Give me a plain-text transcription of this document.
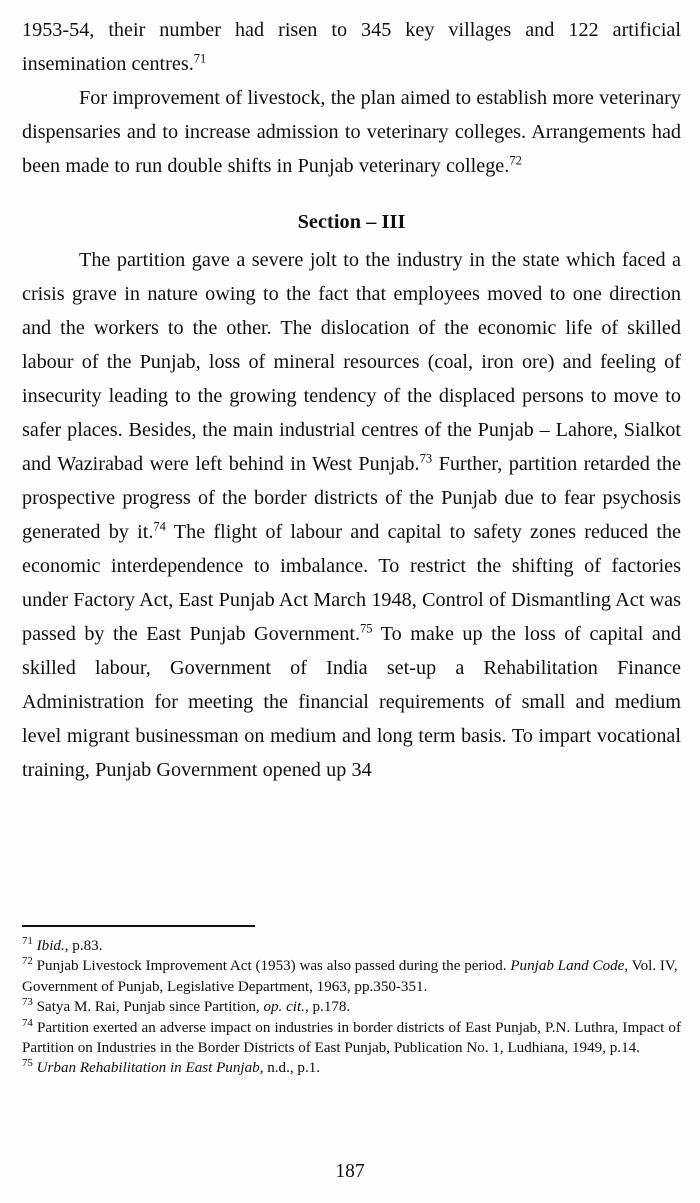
1953-54, their number had risen to 345 key villages and 122 artificial insemination centres.$^{71}$

For improvement of livestock, the plan aimed to establish more veterinary dispensaries and to increase admission to veterinary colleges. Arrangements had been made to run double shifts in Punjab veterinary college.$^{72}$

Section – III

The partition gave a severe jolt to the industry in the state which faced a crisis grave in nature owing to the fact that employees moved to one direction and the workers to the other. The dislocation of the economic life of skilled labour of the Punjab, loss of mineral resources (coal, iron ore) and feeling of insecurity leading to the growing tendency of the displaced persons to move to safer places. Besides, the main industrial centres of the Punjab – Lahore, Sialkot and Wazirabad were left behind in West Punjab.$^{73}$ Further, partition retarded the prospective progress of the border districts of the Punjab due to fear psychosis generated by it.$^{74}$ The flight of labour and capital to safety zones reduced the economic interdependence to imbalance. To restrict the shifting of factories under Factory Act, East Punjab Act March 1948, Control of Dismantling Act was passed by the East Punjab Government.$^{75}$ To make up the loss of capital and skilled labour, Government of India set-up a Rehabilitation Finance Administration for meeting the financial requirements of small and medium level migrant businessman on medium and long term basis. To impart vocational training, Punjab Government opened up 34

$^{71}$ Ibid., p.83.

$^{72}$ Punjab Livestock Improvement Act (1953) was also passed during the period. Punjab Land Code, Vol. IV, Government of Punjab, Legislative Department, 1963, pp.350-351.

$^{73}$ Satya M. Rai, Punjab since Partition, op. cit., p.178.

$^{74}$ Partition exerted an adverse impact on industries in border districts of East Punjab, P.N. Luthra, Impact of Partition on Industries in the Border Districts of East Punjab, Publication No. 1, Ludhiana, 1949, p.14.

$^{75}$ Urban Rehabilitation in East Punjab, n.d., p.1.

187
